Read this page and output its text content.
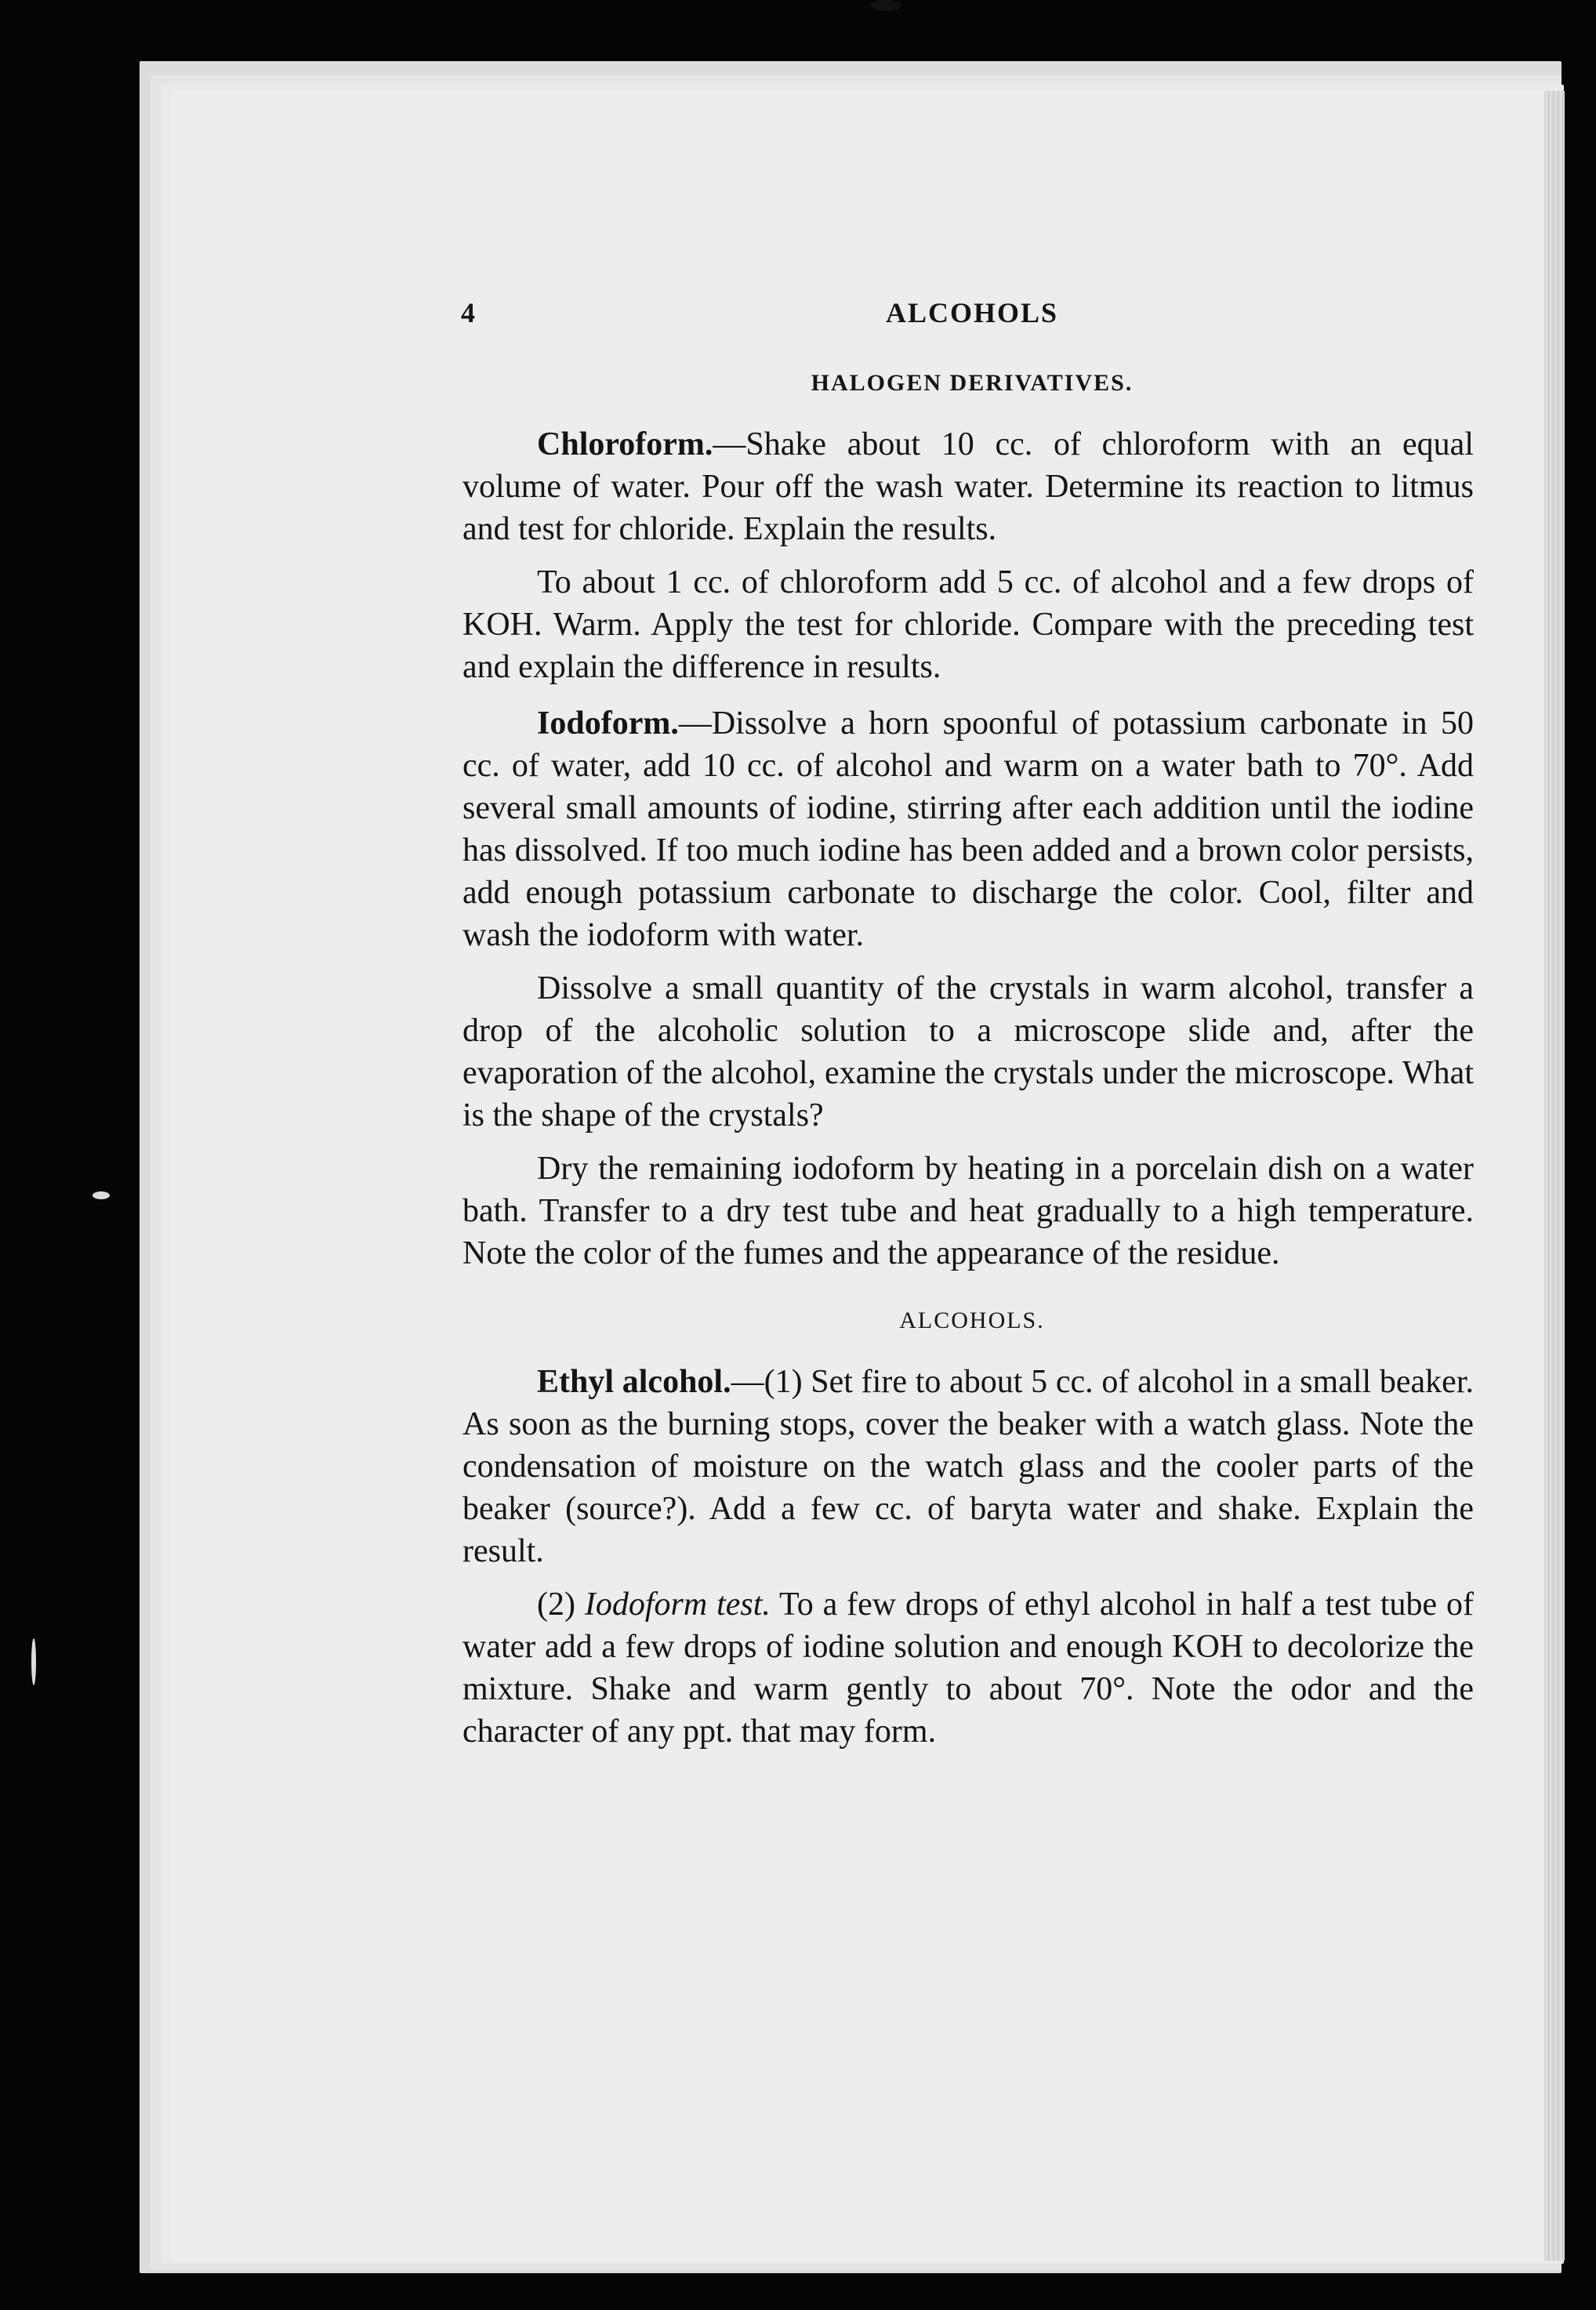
4	ALCOHOLS
HALOGEN DERIVATIVES.

Chloroform.—Shake about 10 cc. of chloroform with an equal volume of water. Pour off the wash water. Determine its reaction to litmus and test for chloride. Explain the results.

To about 1 cc. of chloroform add 5 cc. of alcohol and a few drops of KOH. Warm. Apply the test for chloride. Compare with the preceding test and explain the difference in results.

Iodoform.—Dissolve a horn spoonful of potassium carbonate in 50 cc. of water, add 10 cc. of alcohol and warm on a water bath to 70°. Add several small amounts of iodine, stirring after each addition until the iodine has dissolved. If too much iodine has been added and a brown color persists, add enough potassium carbonate to discharge the color. Cool, filter and wash the iodoform with water.

Dissolve a small quantity of the crystals in warm alcohol, transfer a drop of the alcoholic solution to a microscope slide and, after the evaporation of the alcohol, examine the crystals under the microscope. What is the shape of the crystals?

Dry the remaining iodoform by heating in a porcelain dish on a water bath. Transfer to a dry test tube and heat gradually to a high temperature. Note the color of the fumes and the appearance of the residue.

ALCOHOLS.

Ethyl alcohol.—(1) Set fire to about 5 cc. of alcohol in a small beaker. As soon as the burning stops, cover the beaker with a watch glass. Note the condensation of moisture on the watch glass and the cooler parts of the beaker (source?). Add a few cc. of baryta water and shake. Explain the result.

(2) Iodoform test. To a few drops of ethyl alcohol in half a test tube of water add a few drops of iodine solution and enough KOH to decolorize the mixture. Shake and warm gently to about 70°. Note the odor and the character of any ppt. that may form.
